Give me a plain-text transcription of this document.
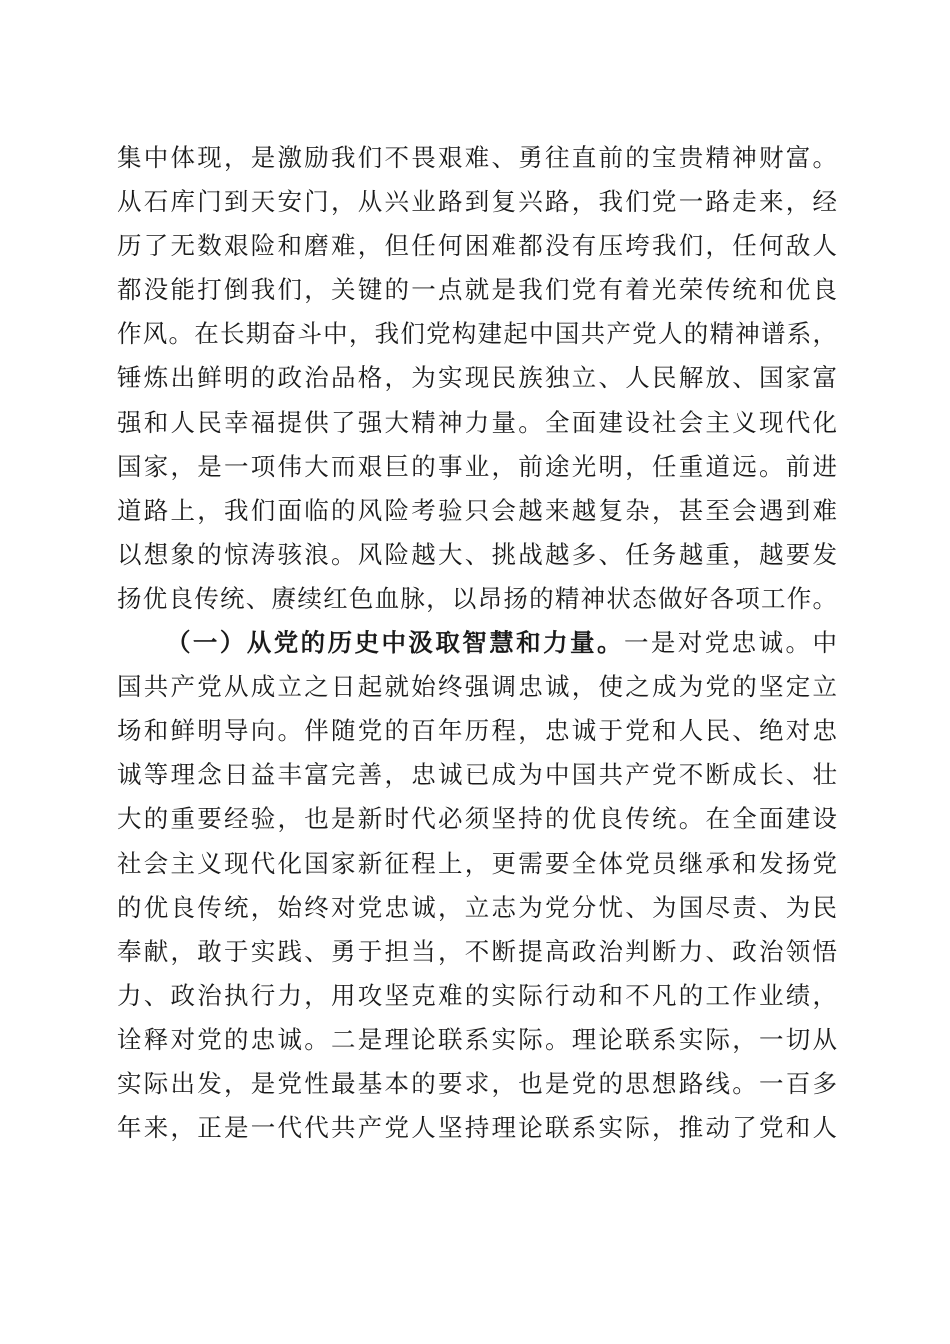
集中体现，是激励我们不畏艰难、勇往直前的宝贵精神财富。
从石库门到天安门，从兴业路到复兴路，我们党一路走来，经
历了无数艰险和磨难，但任何困难都没有压垮我们，任何敌人
都没能打倒我们，关键的一点就是我们党有着光荣传统和优良
作风。在长期奋斗中，我们党构建起中国共产党人的精神谱系，
锤炼出鲜明的政治品格，为实现民族独立、人民解放、国家富
强和人民幸福提供了强大精神力量。全面建设社会主义现代化
国家，是一项伟大而艰巨的事业，前途光明，任重道远。前进
道路上，我们面临的风险考验只会越来越复杂，甚至会遇到难
以想象的惊涛骇浪。风险越大、挑战越多、任务越重，越要发
扬优良传统、赓续红色血脉，以昂扬的精神状态做好各项工作。
（一）从党的历史中汲取智慧和力量。一是对党忠诚。中
国共产党从成立之日起就始终强调忠诚，使之成为党的坚定立
场和鲜明导向。伴随党的百年历程，忠诚于党和人民、绝对忠
诚等理念日益丰富完善，忠诚已成为中国共产党不断成长、壮
大的重要经验，也是新时代必须坚持的优良传统。在全面建设
社会主义现代化国家新征程上，更需要全体党员继承和发扬党
的优良传统，始终对党忠诚，立志为党分忧、为国尽责、为民
奉献，敢于实践、勇于担当，不断提高政治判断力、政治领悟
力、政治执行力，用攻坚克难的实际行动和不凡的工作业绩，
诠释对党的忠诚。二是理论联系实际。理论联系实际，一切从
实际出发，是党性最基本的要求，也是党的思想路线。一百多
年来，正是一代代共产党人坚持理论联系实际，推动了党和人
